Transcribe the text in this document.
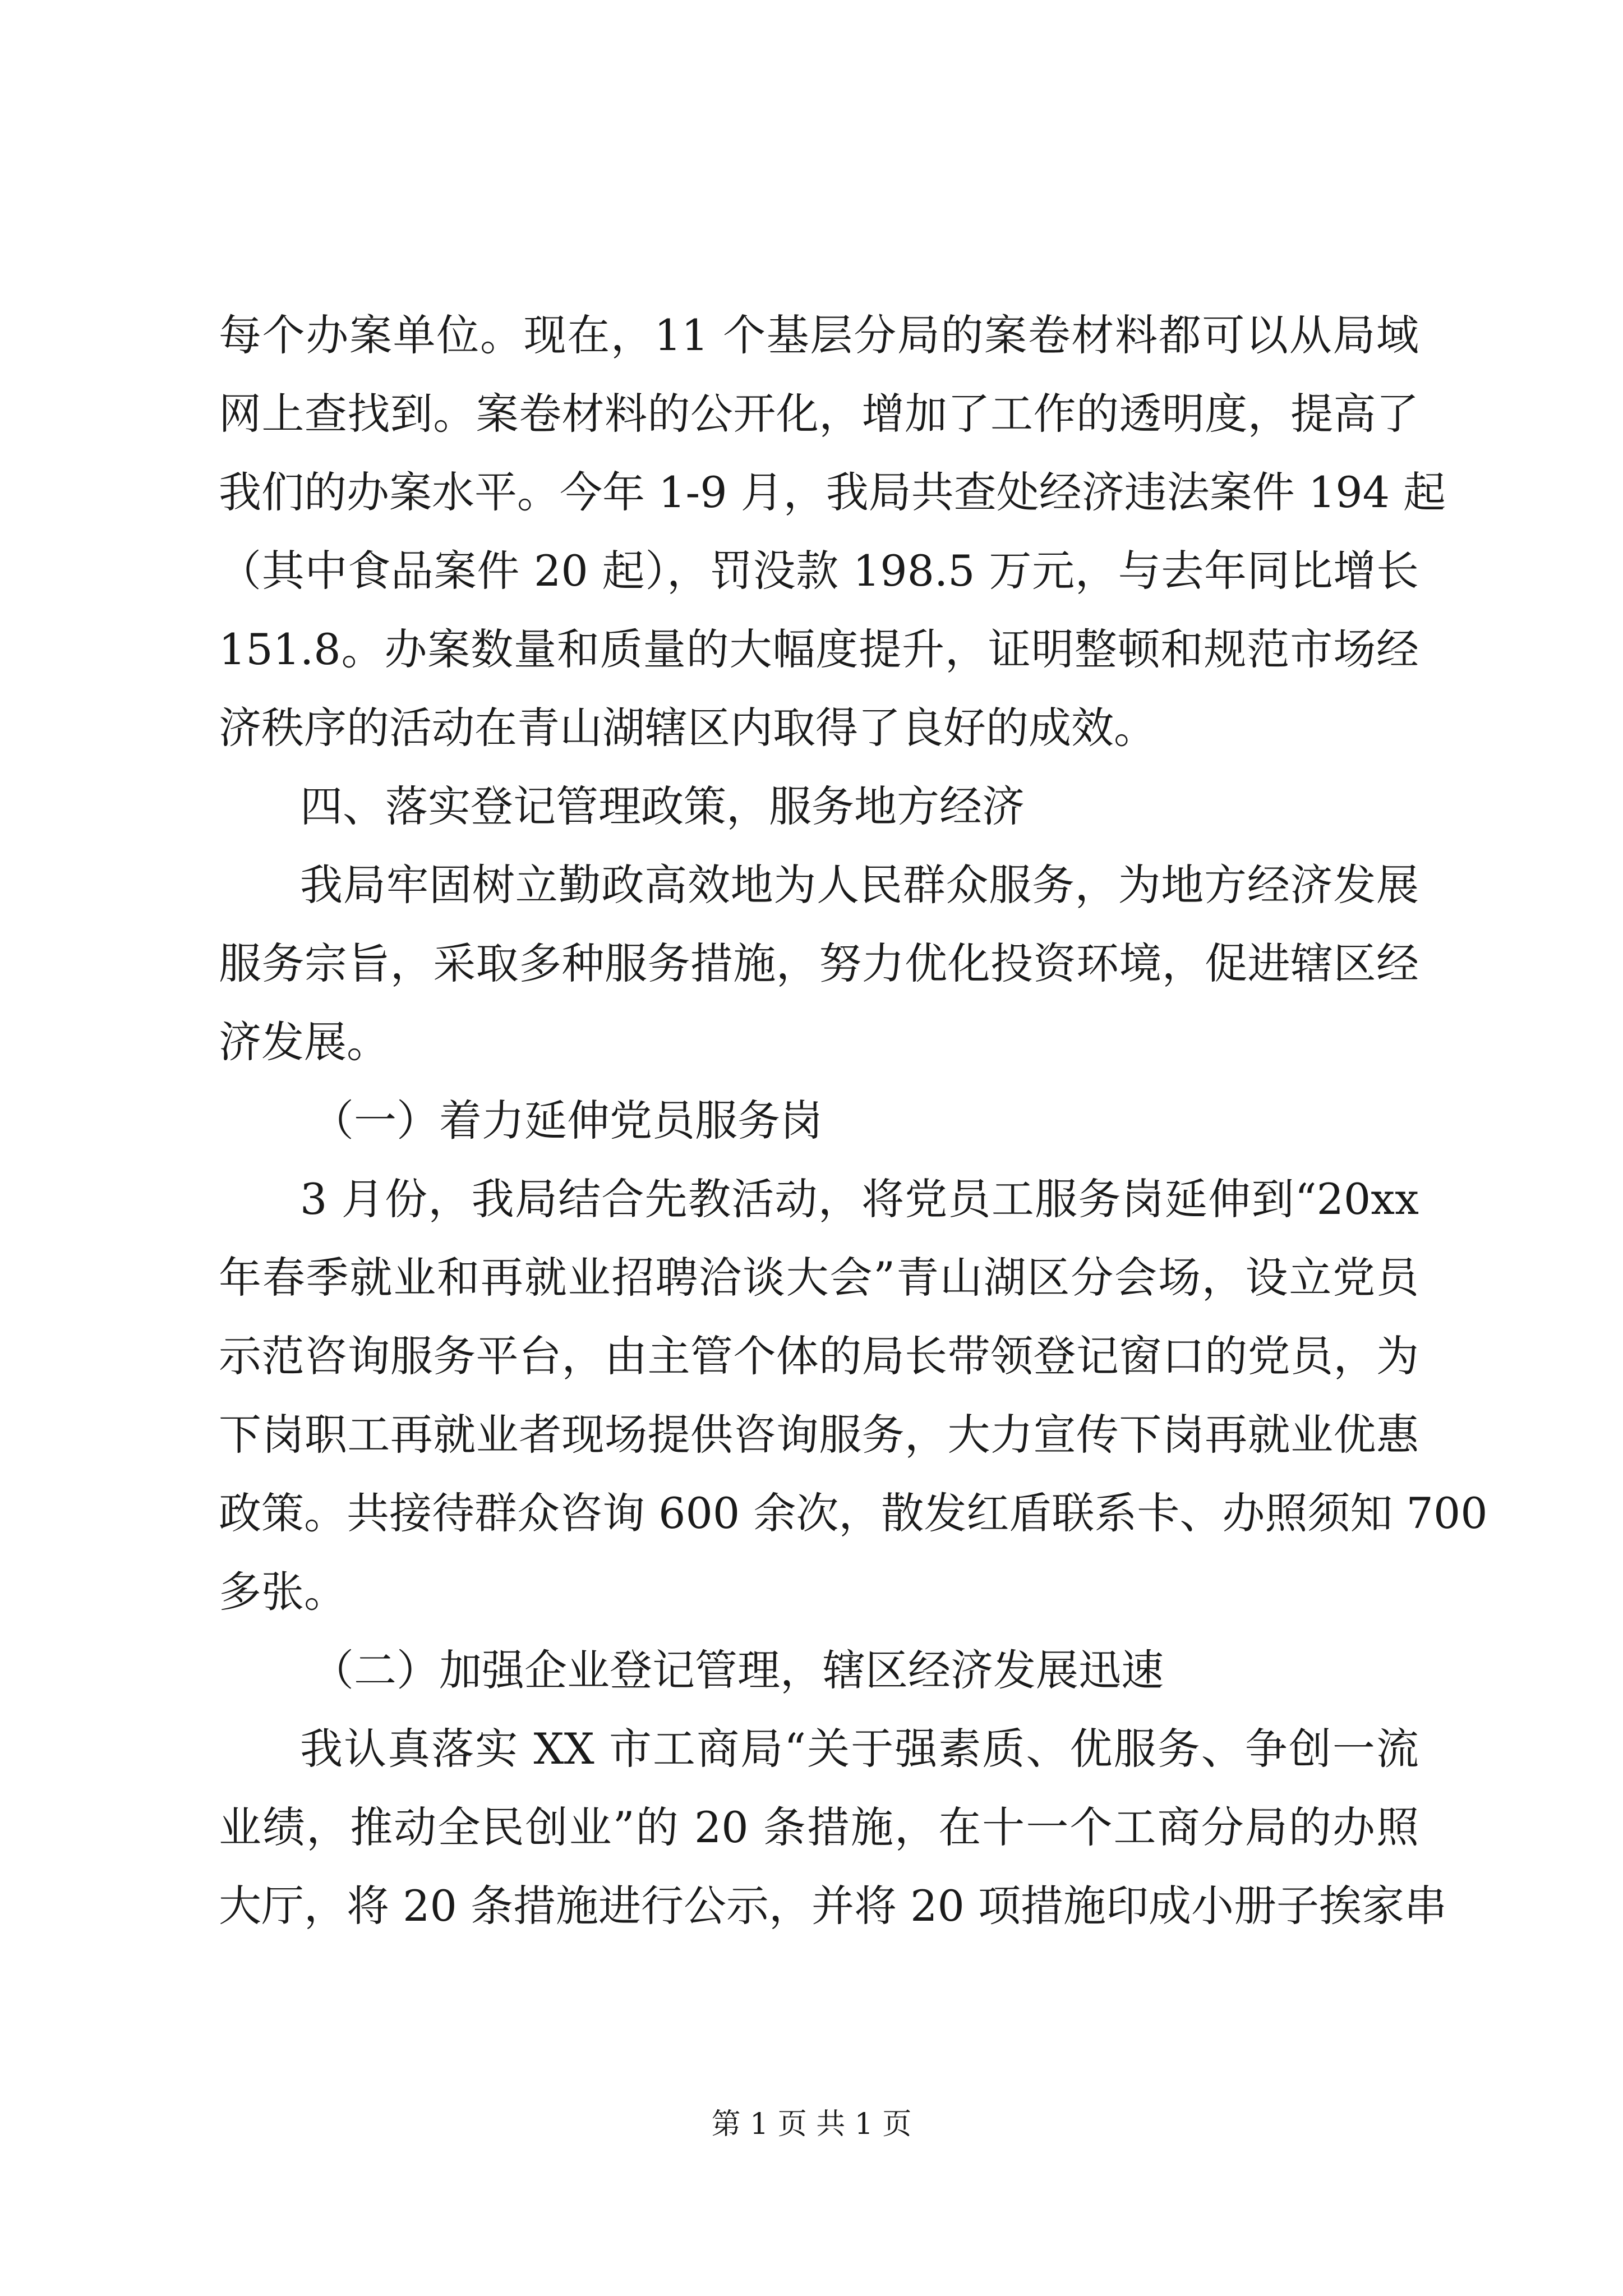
每个办案单位。现在，11 个基层分局的案卷材料都可以从局域
网上查找到。案卷材料的公开化，增加了工作的透明度，提高了
我们的办案水平。今年 1-9 月，我局共查处经济违法案件 194 起
（其中食品案件 20 起），罚没款 198.5 万元，与去年同比增长
151.8。办案数量和质量的大幅度提升，证明整顿和规范市场经
济秩序的活动在青山湖辖区内取得了良好的成效。
四、落实登记管理政策，服务地方经济
我局牢固树立勤政高效地为人民群众服务，为地方经济发展
服务宗旨，采取多种服务措施，努力优化投资环境，促进辖区经
济发展。
（一）着力延伸党员服务岗
3 月份，我局结合先教活动，将党员工服务岗延伸到“20xx
年春季就业和再就业招聘洽谈大会”青山湖区分会场，设立党员
示范咨询服务平台，由主管个体的局长带领登记窗口的党员，为
下岗职工再就业者现场提供咨询服务，大力宣传下岗再就业优惠
政策。共接待群众咨询 600 余次，散发红盾联系卡、办照须知 700
多张。
（二）加强企业登记管理，辖区经济发展迅速
我认真落实 XX 市工商局“关于强素质、优服务、争创一流
业绩，推动全民创业”的 20 条措施，在十一个工商分局的办照
大厅，将 20 条措施进行公示，并将 20 项措施印成小册子挨家串
第 1 页 共 1 页
